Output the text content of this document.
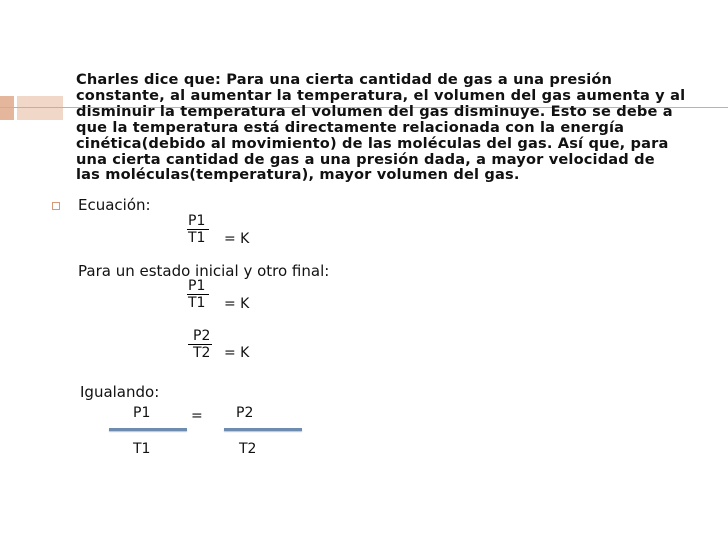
Charles dice que: Para una cierta cantidad de gas a una presión
constante, al aumentar la temperatura, el volumen del gas aumenta y al
disminuir la temperatura el volumen del gas disminuye. Esto se debe a
que la temperatura está directamente relacionada con la energía
cinética(debido al movimiento) de las moléculas del gas. Así que, para
una cierta cantidad de gas a una presión dada, a mayor velocidad de
las moléculas(temperatura), mayor volumen del gas.
Ecuación:
P1
T1 = K
Para un estado inicial y otro final:
P1
T1 = K
P2
T2 = K
Igualando:
P1	= P2
T1	T2
